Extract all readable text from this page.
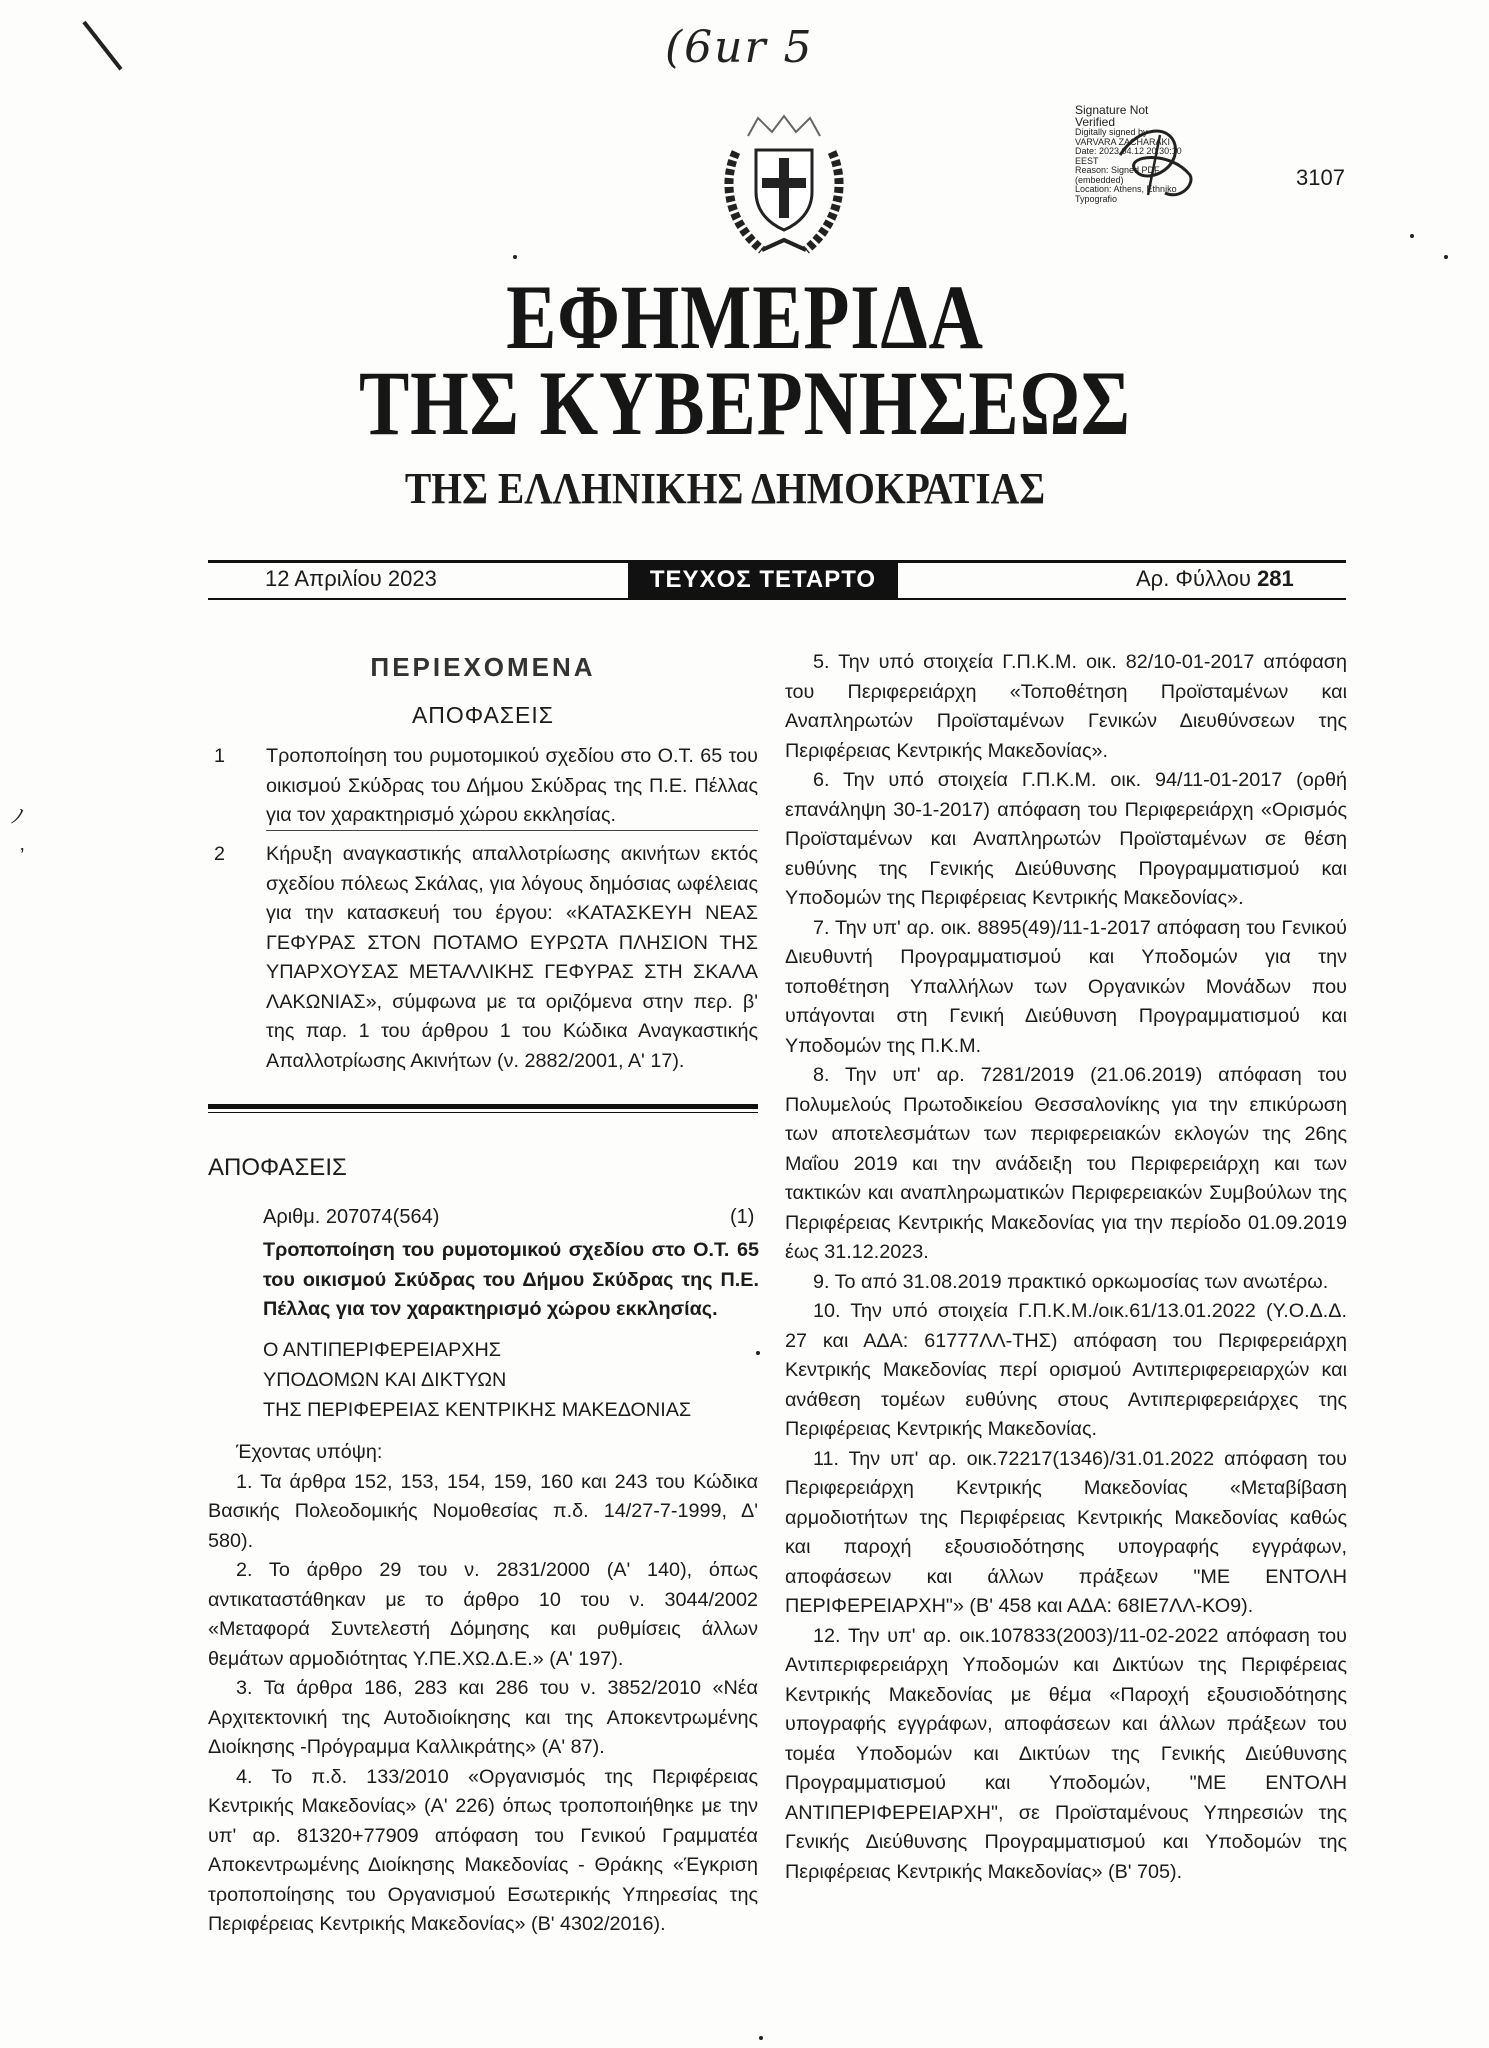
(6ur 5
ノ
’
Signature Not
Verified
Digitally signed by
VARVARA ZACHARAKI
Date: 2023.04.12 20:30:10
EEST
Reason: Signed PDF
(embedded)
Location: Athens, Ethniko
Typografio
3107
ΕΦΗΜΕΡΙΔΑ
ΤΗΣ ΚΥΒΕΡΝΗΣΕΩΣ
ΤΗΣ ΕΛΛΗΝΙΚΗΣ ΔΗΜΟΚΡΑΤΙΑΣ
12 Απριλίου 2023	ΤΕΥΧΟΣ ΤΕΤΑΡΤΟ	Αρ. Φύλλου 281
ΠΕΡΙΕΧΟΜΕΝΑ
ΑΠΟΦΑΣΕΙΣ
1 Τροποποίηση του ρυμοτομικού σχεδίου στο Ο.Τ. 65 του οικισμού Σκύδρας του Δήμου Σκύδρας της Π.Ε. Πέλλας για τον χαρακτηρισμό χώρου εκκλησίας.
2 Κήρυξη αναγκαστικής απαλλοτρίωσης ακινήτων εκτός σχεδίου πόλεως Σκάλας, για λόγους δημόσιας ωφέλειας για την κατασκευή του έργου: «ΚΑΤΑΣΚΕΥΗ ΝΕΑΣ ΓΕΦΥΡΑΣ ΣΤΟΝ ΠΟΤΑΜΟ ΕΥΡΩΤΑ ΠΛΗΣΙΟΝ ΤΗΣ ΥΠΑΡΧΟΥΣΑΣ ΜΕΤΑΛΛΙΚΗΣ ΓΕΦΥΡΑΣ ΣΤΗ ΣΚΑΛΑ ΛΑΚΩΝΙΑΣ», σύμφωνα με τα οριζόμενα στην περ. β' της παρ. 1 του άρθρου 1 του Κώδικα Αναγκαστικής Απαλλοτρίωσης Ακινήτων (ν. 2882/2001, Α' 17).
ΑΠΟΦΑΣΕΙΣ
Αριθμ. 207074(564)	(1)
Τροποποίηση του ρυμοτομικού σχεδίου στο Ο.Τ. 65 του οικισμού Σκύδρας του Δήμου Σκύδρας της Π.Ε. Πέλλας για τον χαρακτηρισμό χώρου εκκλησίας.
Ο ΑΝΤΙΠΕΡΙΦΕΡΕΙΑΡΧΗΣ
ΥΠΟΔΟΜΩΝ ΚΑΙ ΔΙΚΤΥΩΝ
ΤΗΣ ΠΕΡΙΦΕΡΕΙΑΣ ΚΕΝΤΡΙΚΗΣ ΜΑΚΕΔΟΝΙΑΣ

Έχοντας υπόψη:

1. Τα άρθρα 152, 153, 154, 159, 160 και 243 του Κώδικα Βασικής Πολεοδομικής Νομοθεσίας π.δ. 14/27-7-1999, Δ' 580).

2. Το άρθρο 29 του ν. 2831/2000 (Α' 140), όπως αντικαταστάθηκαν με το άρθρο 10 του ν. 3044/2002 «Μεταφορά Συντελεστή Δόμησης και ρυθμίσεις άλλων θεμάτων αρμοδιότητας Υ.ΠΕ.ΧΩ.Δ.Ε.» (Α' 197).

3. Τα άρθρα 186, 283 και 286 του ν. 3852/2010 «Νέα Αρχιτεκτονική της Αυτοδιοίκησης και της Αποκεντρωμένης Διοίκησης -Πρόγραμμα Καλλικράτης» (Α' 87).

4. Το π.δ. 133/2010 «Οργανισμός της Περιφέρειας Κεντρικής Μακεδονίας» (Α' 226) όπως τροποποιήθηκε με την υπ' αρ. 81320+77909 απόφαση του Γενικού Γραμματέα Αποκεντρωμένης Διοίκησης Μακεδονίας - Θράκης «Έγκριση τροποποίησης του Οργανισμού Εσωτερικής Υπηρεσίας της Περιφέρειας Κεντρικής Μακεδονίας» (Β' 4302/2016).

5. Την υπό στοιχεία Γ.Π.Κ.Μ. οικ. 82/10-01-2017 απόφαση του Περιφερειάρχη «Τοποθέτηση Προϊσταμένων και Αναπληρωτών Προϊσταμένων Γενικών Διευθύνσεων της Περιφέρειας Κεντρικής Μακεδονίας».

6. Την υπό στοιχεία Γ.Π.Κ.Μ. οικ. 94/11-01-2017 (ορθή επανάληψη 30-1-2017) απόφαση του Περιφερειάρχη «Ορισμός Προϊσταμένων και Αναπληρωτών Προϊσταμένων σε θέση ευθύνης της Γενικής Διεύθυνσης Προγραμματισμού και Υποδομών της Περιφέρειας Κεντρικής Μακεδονίας».

7. Την υπ' αρ. οικ. 8895(49)/11-1-2017 απόφαση του Γενικού Διευθυντή Προγραμματισμού και Υποδομών για την τοποθέτηση Υπαλλήλων των Οργανικών Μονάδων που υπάγονται στη Γενική Διεύθυνση Προγραμματισμού και Υποδομών της Π.Κ.Μ.

8. Την υπ' αρ. 7281/2019 (21.06.2019) απόφαση του Πολυμελούς Πρωτοδικείου Θεσσαλονίκης για την επικύρωση των αποτελεσμάτων των περιφερειακών εκλογών της 26ης Μαΐου 2019 και την ανάδειξη του Περιφερειάρχη και των τακτικών και αναπληρωματικών Περιφερειακών Συμβούλων της Περιφέρειας Κεντρικής Μακεδονίας για την περίοδο 01.09.2019 έως 31.12.2023.

9. Το από 31.08.2019 πρακτικό ορκωμοσίας των ανωτέρω.

10. Την υπό στοιχεία Γ.Π.Κ.Μ./οικ.61/13.01.2022 (Υ.Ο.Δ.Δ. 27 και ΑΔΑ: 61777ΛΛ-ΤΗΣ) απόφαση του Περιφερειάρχη Κεντρικής Μακεδονίας περί ορισμού Αντιπεριφερειαρχών και ανάθεση τομέων ευθύνης στους Αντιπεριφερειάρχες της Περιφέρειας Κεντρικής Μακεδονίας.

11. Την υπ' αρ. οικ.72217(1346)/31.01.2022 απόφαση του Περιφερειάρχη Κεντρικής Μακεδονίας «Μεταβίβαση αρμοδιοτήτων της Περιφέρειας Κεντρικής Μακεδονίας καθώς και παροχή εξουσιοδότησης υπογραφής εγγράφων, αποφάσεων και άλλων πράξεων "ΜΕ ΕΝΤΟΛΗ ΠΕΡΙΦΕΡΕΙΑΡΧΗ"» (Β' 458 και ΑΔΑ: 68ΙΕ7ΛΛ-ΚΟ9).

12. Την υπ' αρ. οικ.107833(2003)/11-02-2022 απόφαση του Αντιπεριφερειάρχη Υποδομών και Δικτύων της Περιφέρειας Κεντρικής Μακεδονίας με θέμα «Παροχή εξουσιοδότησης υπογραφής εγγράφων, αποφάσεων και άλλων πράξεων του τομέα Υποδομών και Δικτύων της Γενικής Διεύθυνσης Προγραμματισμού και Υποδομών, "ΜΕ ΕΝΤΟΛΗ ΑΝΤΙΠΕΡΙΦΕΡΕΙΑΡΧΗ", σε Προϊσταμένους Υπηρεσιών της Γενικής Διεύθυνσης Προγραμματισμού και Υποδομών της Περιφέρειας Κεντρικής Μακεδονίας» (Β' 705).
